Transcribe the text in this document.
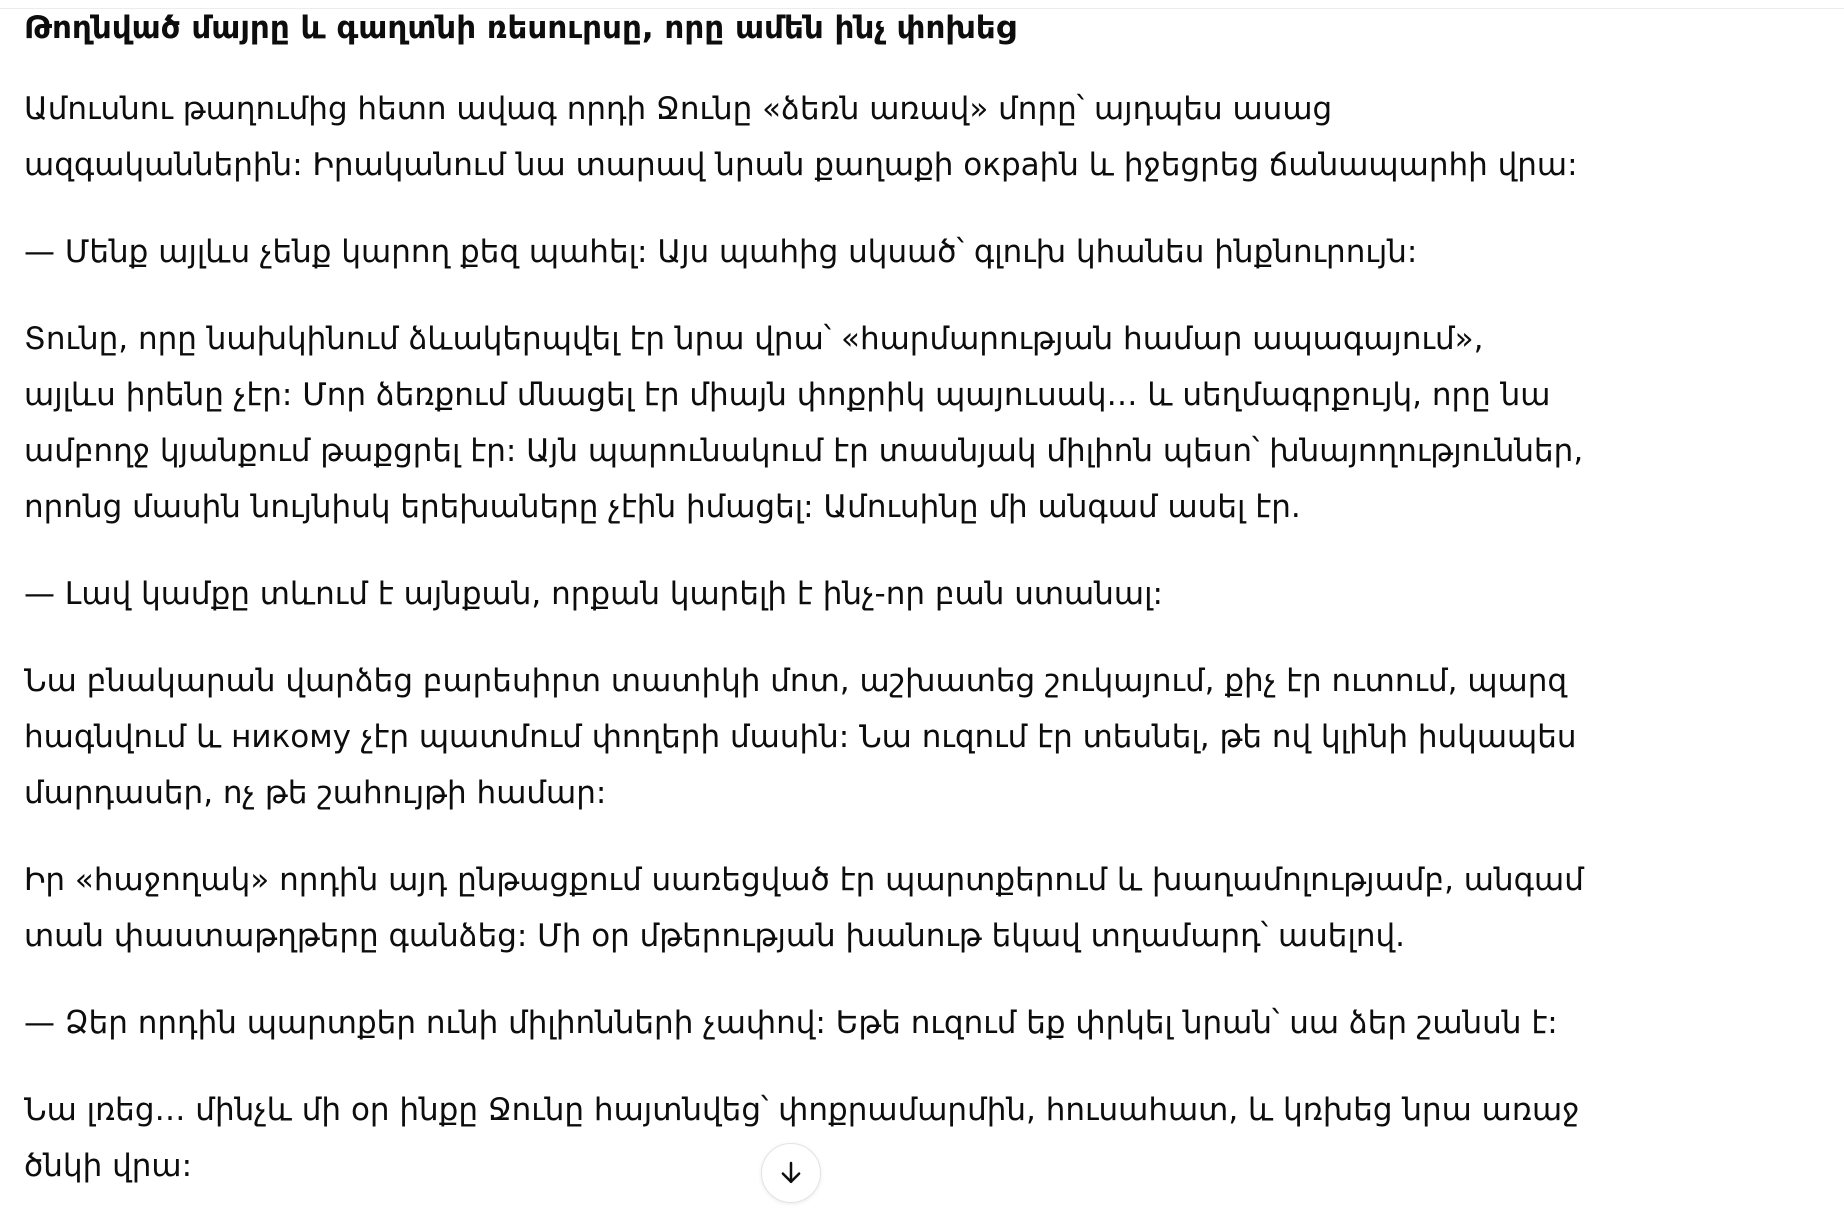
Թողնված մայրը և գաղտնի ռեսուրսը, որը ամեն ինչ փոխեց
Ամուսնու թաղումից հետո ավագ որդի Ջունը «ձեռն առավ» մորը՝ այդպես ասաց ազգականներին: Իրականում նա տարավ նրան քաղաքի окраին և իջեցրեց ճանապարհի վրա:
— Մենք այլևս չենք կարող քեզ պահել: Այս պահից սկսած՝ գլուխ կհանես ինքնուրույն:
Տունը, որը նախկինում ձևակերպվել էր նրա վրա՝ «հարմարության համար ապագայում», այլևս իրենը չէր: Մոր ձեռքում մնացել էր միայն փոքրիկ պայուսակ… և սեղմագրքույկ, որը նա ամբողջ կյանքում թաքցրել էր: Այն պարունակում էր տասնյակ միլիոն պեսո՝ խնայողություններ, որոնց մասին նույնիսկ երեխաները չէին իմացել: Ամուսինը մի անգամ ասել էր.
— Լավ կամքը տևում է այնքան, որքան կարելի է ինչ-որ բան ստանալ:
Նա բնակարան վարձեց բարեսիրտ տատիկի մոտ, աշխատեց շուկայում, քիչ էր ուտում, պարզ հագնվում և никому չէր պատմում փողերի մասին: Նա ուզում էր տեսնել, թե ով կլինի իսկապես մարդասեր, ոչ թե շահույթի համար:
Իր «հաջողակ» որդին այդ ընթացքում սառեցված էր պարտքերում և խաղամոլությամբ, անգամ տան փաստաթղթերը գանձեց: Մի օր մթերության խանութ եկավ տղամարդ՝ ասելով.
— Ձեր որդին պարտքեր ունի միլիոնների չափով: Եթե ուզում եք փրկել նրան՝ սա ձեր շանսն է:
Նա լռեց… մինչև մի օր ինքը Ջունը հայտնվեց՝ փոքրամարմին, հուսահատ, և կռխեց նրա առաջ ծնկի վրա:
